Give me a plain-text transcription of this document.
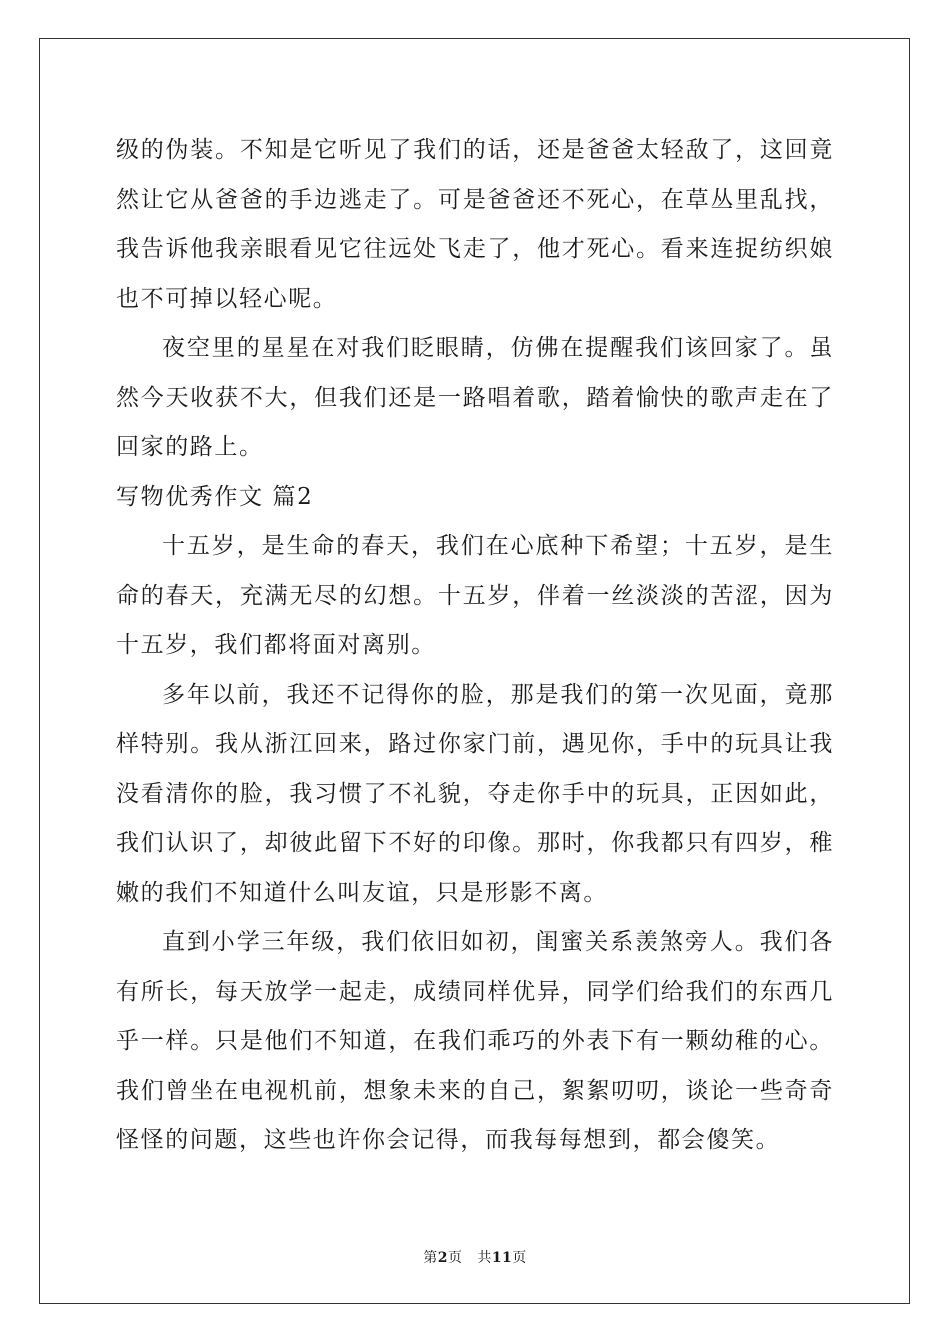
级的伪装。不知是它听见了我们的话，还是爸爸太轻敌了，这回竟然让它从爸爸的手边逃走了。可是爸爸还不死心，在草丛里乱找，我告诉他我亲眼看见它往远处飞走了，他才死心。看来连捉纺织娘也不可掉以轻心呢。

夜空里的星星在对我们眨眼睛，仿佛在提醒我们该回家了。虽然今天收获不大，但我们还是一路唱着歌，踏着愉快的歌声走在了回家的路上。

写物优秀作文 篇2

十五岁，是生命的春天，我们在心底种下希望；十五岁，是生命的春天，充满无尽的幻想。十五岁，伴着一丝淡淡的苦涩，因为十五岁，我们都将面对离别。

多年以前，我还不记得你的脸，那是我们的第一次见面，竟那样特别。我从浙江回来，路过你家门前，遇见你，手中的玩具让我没看清你的脸，我习惯了不礼貌，夺走你手中的玩具，正因如此，我们认识了，却彼此留下不好的印像。那时，你我都只有四岁，稚嫩的我们不知道什么叫友谊，只是形影不离。

直到小学三年级，我们依旧如初，闺蜜关系羡煞旁人。我们各有所长，每天放学一起走，成绩同样优异，同学们给我们的东西几乎一样。只是他们不知道，在我们乖巧的外表下有一颗幼稚的心。我们曾坐在电视机前，想象未来的自己，絮絮叨叨，谈论一些奇奇怪怪的问题，这些也许你会记得，而我每每想到，都会傻笑。

第2页 共11页
